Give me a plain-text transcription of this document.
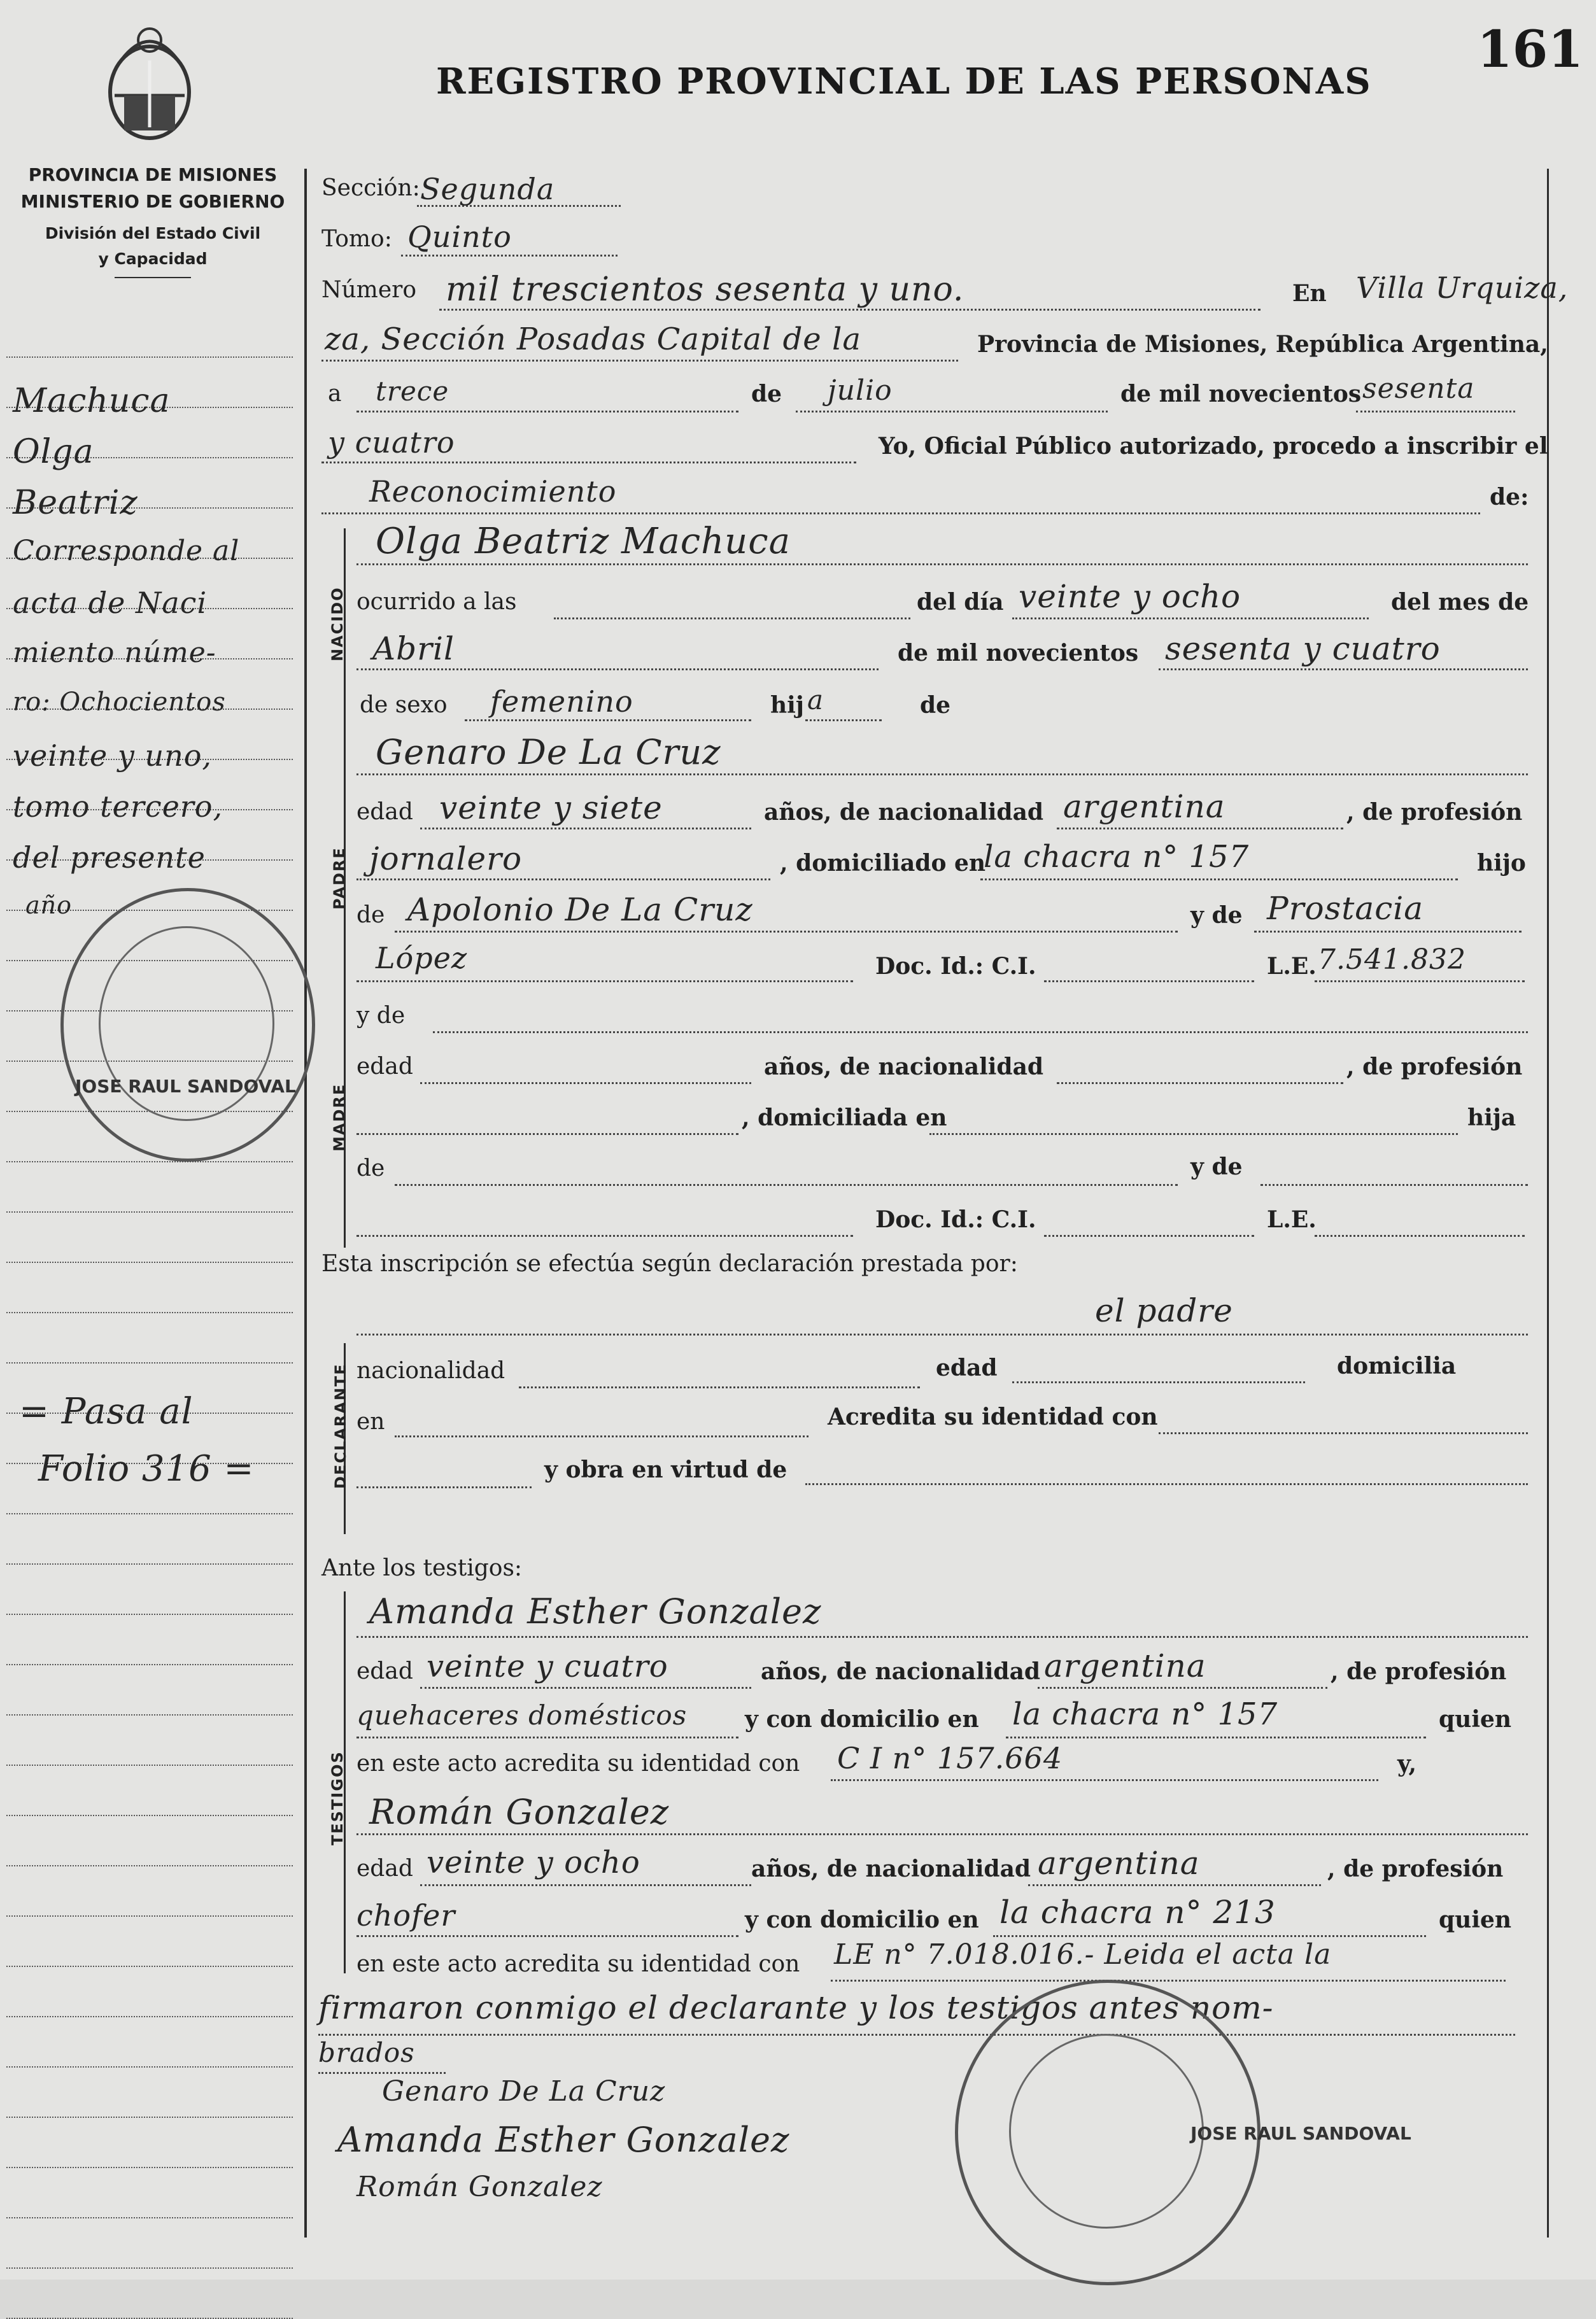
161
REGISTRO PROVINCIAL DE LAS PERSONAS
PROVINCIA DE MISIONES
MINISTERIO DE GOBIERNO
División del Estado Civil
y Capacidad
Machuca
Olga
Beatriz
Corresponde al
acta de Naci
miento núme-
ro: Ochocientos
veinte y uno,
tomo tercero,
del presente
año
= Pasa al
Folio 316 =
JOSE RAUL SANDOVAL
Sección: Segunda
Tomo: Quinto
Número mil trescientos sesenta y uno.	En Villa Urquiza,
za, Sección Posadas Capital de la	Provincia de Misiones, República Argentina,
a trece	de julio	de mil novecientos sesenta
y cuatro	Yo, Oficial Público autorizado, procedo a inscribir el
Reconocimiento	de:
NACIDO
Olga Beatriz Machuca
ocurrido a las	del día veinte y ocho	del mes de
Abril	de mil novecientos sesenta y cuatro
de sexo femenino	hij a	de
PADRE
Genaro De La Cruz
edad veinte y siete	años, de nacionalidad argentina	, de profesión
jornalero	, domiciliado en
la chacra n° 157	hijo
de Apolonio De La Cruz	y de Prostacia
López	Doc. Id.: C.I.	L.E. 7.541.832
MADRE
y de
edad	años, de nacionalidad	, de profesión
, domiciliada en	hija
de	y de
Doc. Id.: C.I.	L.E.
Esta inscripción se efectúa según declaración prestada por:
DECLARANTE
el padre
nacionalidad	edad	domicilia
en	Acredita su identidad con
y obra en virtud de
Ante los testigos:
TESTIGOS
Amanda Esther Gonzalez
edad veinte y cuatro	años, de nacionalidad argentina	, de profesión
quehaceres domésticos	y con domicilio en la chacra n° 157	quien
en este acto acredita su identidad con C I n° 157.664	y,
Román Gonzalez
edad veinte y ocho	años, de nacionalidad argentina	, de profesión
chofer	y con domicilio en la chacra n° 213	quien
en este acto acredita su identidad con LE n° 7.018.016.- Leida el acta la
firmaron conmigo el declarante y los testigos antes nom-
brados
Genaro De La Cruz
Amanda Esther Gonzalez
Román Gonzalez
JOSE RAUL SANDOVAL
